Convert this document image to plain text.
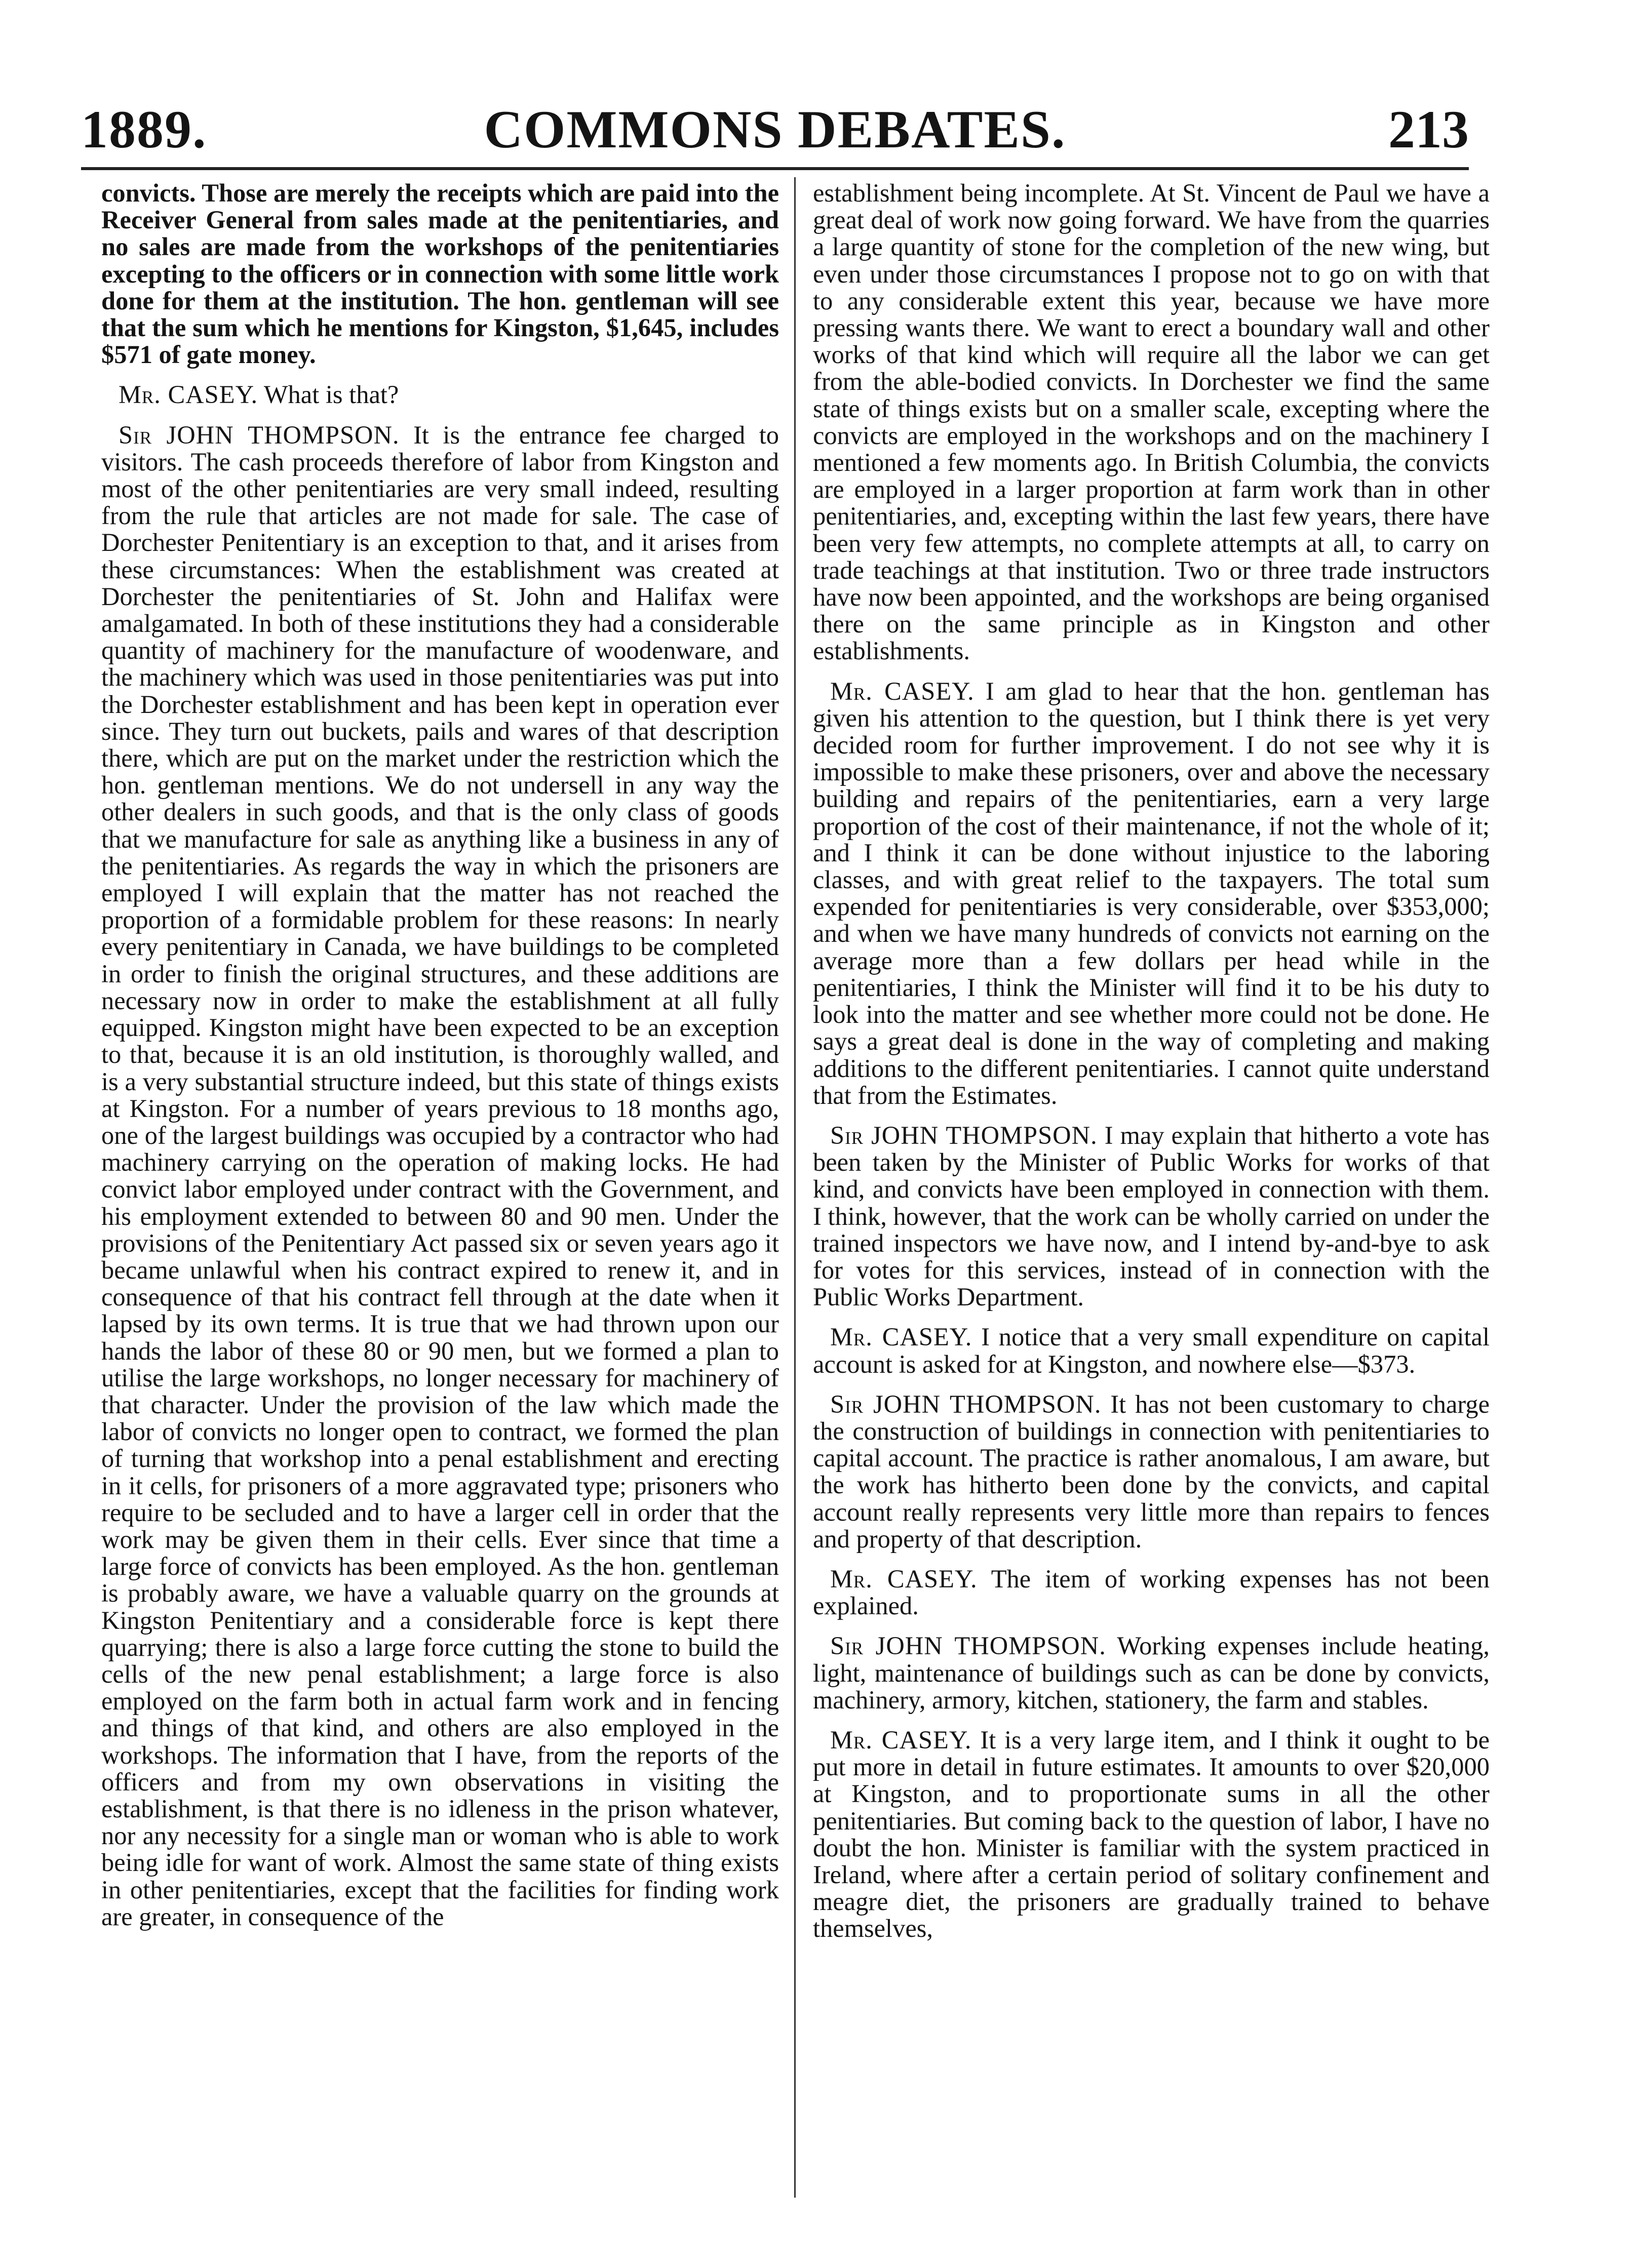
1889.	COMMONS DEBATES.	213

convicts. Those are merely the receipts which are paid into the Receiver General from sales made at the penitentiaries, and no sales are made from the workshops of the penitentiaries excepting to the officers or in connection with some little work done for them at the institution. The hon. gentleman will see that the sum which he mentions for Kingston, $1,645, includes $571 of gate money.

Mr. CASEY. What is that?

Sir JOHN THOMPSON. It is the entrance fee charged to visitors. The cash proceeds therefore of labor from Kingston and most of the other penitentiaries are very small indeed, resulting from the rule that articles are not made for sale. The case of Dorchester Penitentiary is an exception to that, and it arises from these circumstances: When the establishment was created at Dorchester the penitentiaries of St. John and Halifax were amalgamated. In both of these institutions they had a considerable quantity of machinery for the manufacture of woodenware, and the machinery which was used in those penitentiaries was put into the Dorchester establishment and has been kept in operation ever since. They turn out buckets, pails and wares of that description there, which are put on the market under the restriction which the hon. gentleman mentions. We do not undersell in any way the other dealers in such goods, and that is the only class of goods that we manufacture for sale as anything like a business in any of the penitentiaries. As regards the way in which the prisoners are employed I will explain that the matter has not reached the proportion of a formidable problem for these reasons: In nearly every penitentiary in Canada, we have buildings to be completed in order to finish the original structures, and these additions are necessary now in order to make the establishment at all fully equipped. Kingston might have been expected to be an exception to that, because it is an old institution, is thoroughly walled, and is a very substantial structure indeed, but this state of things exists at Kingston. For a number of years previous to 18 months ago, one of the largest buildings was occupied by a contractor who had machinery carrying on the operation of making locks. He had convict labor employed under contract with the Government, and his employment extended to between 80 and 90 men. Under the provisions of the Penitentiary Act passed six or seven years ago it became unlawful when his contract expired to renew it, and in consequence of that his contract fell through at the date when it lapsed by its own terms. It is true that we had thrown upon our hands the labor of these 80 or 90 men, but we formed a plan to utilise the large workshops, no longer necessary for machinery of that character. Under the provision of the law which made the labor of convicts no longer open to contract, we formed the plan of turning that workshop into a penal establishment and erecting in it cells, for prisoners of a more aggravated type; prisoners who require to be secluded and to have a larger cell in order that the work may be given them in their cells. Ever since that time a large force of convicts has been employed. As the hon. gentleman is probably aware, we have a valuable quarry on the grounds at Kingston Penitentiary and a considerable force is kept there quarrying; there is also a large force cutting the stone to build the cells of the new penal establishment; a large force is also employed on the farm both in actual farm work and in fencing and things of that kind, and others are also employed in the workshops. The information that I have, from the reports of the officers and from my own observations in visiting the establishment, is that there is no idleness in the prison whatever, nor any necessity for a single man or woman who is able to work being idle for want of work. Almost the same state of thing exists in other penitentiaries, except that the facilities for finding work are greater, in consequence of the

establishment being incomplete. At St. Vincent de Paul we have a great deal of work now going forward. We have from the quarries a large quantity of stone for the completion of the new wing, but even under those circumstances I propose not to go on with that to any considerable extent this year, because we have more pressing wants there. We want to erect a boundary wall and other works of that kind which will require all the labor we can get from the able-bodied convicts. In Dorchester we find the same state of things exists but on a smaller scale, excepting where the convicts are employed in the workshops and on the machinery I mentioned a few moments ago. In British Columbia, the convicts are employed in a larger proportion at farm work than in other penitentiaries, and, excepting within the last few years, there have been very few attempts, no complete attempts at all, to carry on trade teachings at that institution. Two or three trade instructors have now been appointed, and the workshops are being organised there on the same principle as in Kingston and other establishments.

Mr. CASEY. I am glad to hear that the hon. gentleman has given his attention to the question, but I think there is yet very decided room for further improvement. I do not see why it is impossible to make these prisoners, over and above the necessary building and repairs of the penitentiaries, earn a very large proportion of the cost of their maintenance, if not the whole of it; and I think it can be done without injustice to the laboring classes, and with great relief to the taxpayers. The total sum expended for penitentiaries is very considerable, over $353,000; and when we have many hundreds of convicts not earning on the average more than a few dollars per head while in the penitentiaries, I think the Minister will find it to be his duty to look into the matter and see whether more could not be done. He says a great deal is done in the way of completing and making additions to the different penitentiaries. I cannot quite understand that from the Estimates.

Sir JOHN THOMPSON. I may explain that hitherto a vote has been taken by the Minister of Public Works for works of that kind, and convicts have been employed in connection with them. I think, however, that the work can be wholly carried on under the trained inspectors we have now, and I intend by-and-bye to ask for votes for this services, instead of in connection with the Public Works Department.

Mr. CASEY. I notice that a very small expenditure on capital account is asked for at Kingston, and nowhere else—$373.

Sir JOHN THOMPSON. It has not been customary to charge the construction of buildings in connection with penitentiaries to capital account. The practice is rather anomalous, I am aware, but the work has hitherto been done by the convicts, and capital account really represents very little more than repairs to fences and property of that description.

Mr. CASEY. The item of working expenses has not been explained.

Sir JOHN THOMPSON. Working expenses include heating, light, maintenance of buildings such as can be done by convicts, machinery, armory, kitchen, stationery, the farm and stables.

Mr. CASEY. It is a very large item, and I think it ought to be put more in detail in future estimates. It amounts to over $20,000 at Kingston, and to proportionate sums in all the other penitentiaries. But coming back to the question of labor, I have no doubt the hon. Minister is familiar with the system practiced in Ireland, where after a certain period of solitary confinement and meagre diet, the prisoners are gradually trained to behave themselves,
